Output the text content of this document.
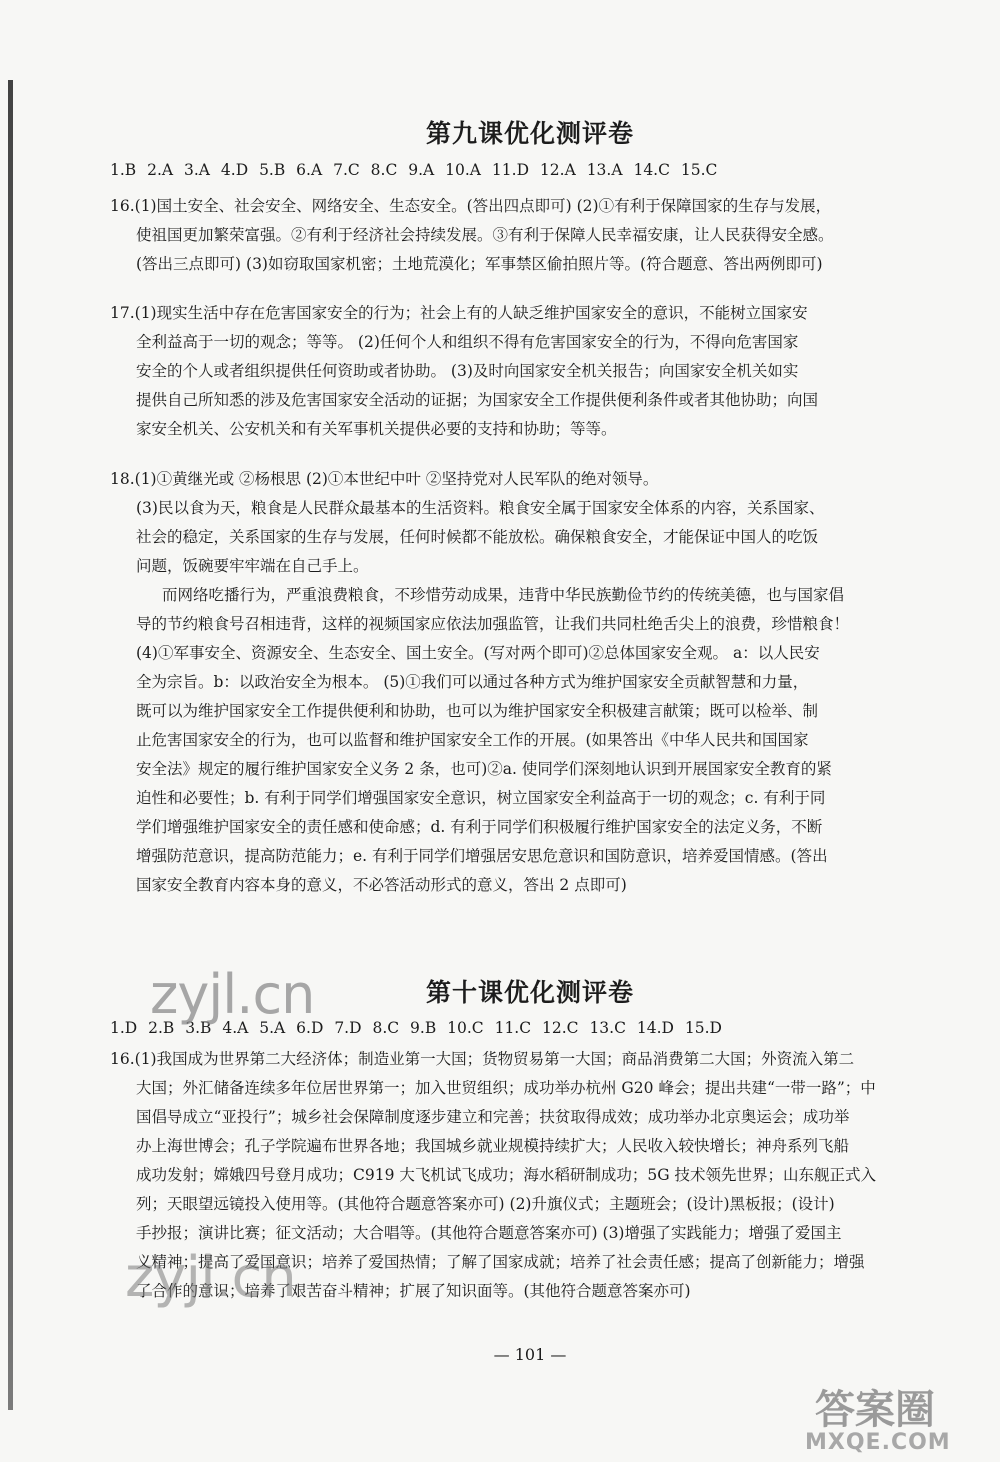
第九课优化测评卷
1.B 2.A 3.A 4.D 5.B 6.A 7.C 8.C 9.A 10.A 11.D 12.A 13.A 14.C 15.C
16.(1)国土安全、社会安全、网络安全、生态安全。(答出四点即可) (2)①有利于保障国家的生存与发展，
使祖国更加繁荣富强。②有利于经济社会持续发展。③有利于保障人民幸福安康，让人民获得安全感。
(答出三点即可) (3)如窃取国家机密；土地荒漠化；军事禁区偷拍照片等。(符合题意、答出两例即可)
17.(1)现实生活中存在危害国家安全的行为；社会上有的人缺乏维护国家安全的意识，不能树立国家安
全利益高于一切的观念；等等。 (2)任何个人和组织不得有危害国家安全的行为，不得向危害国家
安全的个人或者组织提供任何资助或者协助。 (3)及时向国家安全机关报告；向国家安全机关如实
提供自己所知悉的涉及危害国家安全活动的证据；为国家安全工作提供便利条件或者其他协助；向国
家安全机关、公安机关和有关军事机关提供必要的支持和协助；等等。
18.(1)①黄继光或 ②杨根思 (2)①本世纪中叶 ②坚持党对人民军队的绝对领导。
(3)民以食为天，粮食是人民群众最基本的生活资料。粮食安全属于国家安全体系的内容，关系国家、
社会的稳定，关系国家的生存与发展，任何时候都不能放松。确保粮食安全，才能保证中国人的吃饭
问题，饭碗要牢牢端在自己手上。
而网络吃播行为，严重浪费粮食，不珍惜劳动成果，违背中华民族勤俭节约的传统美德，也与国家倡
导的节约粮食号召相违背，这样的视频国家应依法加强监管，让我们共同杜绝舌尖上的浪费，珍惜粮食！
(4)①军事安全、资源安全、生态安全、国土安全。(写对两个即可)②总体国家安全观。 a：以人民安
全为宗旨。b：以政治安全为根本。 (5)①我们可以通过各种方式为维护国家安全贡献智慧和力量，
既可以为维护国家安全工作提供便利和协助，也可以为维护国家安全积极建言献策；既可以检举、制
止危害国家安全的行为，也可以监督和维护国家安全工作的开展。(如果答出《中华人民共和国国家
安全法》规定的履行维护国家安全义务 2 条，也可)②a. 使同学们深刻地认识到开展国家安全教育的紧
迫性和必要性；b. 有利于同学们增强国家安全意识，树立国家安全利益高于一切的观念；c. 有利于同
学们增强维护国家安全的责任感和使命感；d. 有利于同学们积极履行维护国家安全的法定义务，不断
增强防范意识，提高防范能力；e. 有利于同学们增强居安思危意识和国防意识，培养爱国情感。(答出
国家安全教育内容本身的意义，不必答活动形式的意义，答出 2 点即可)
第十课优化测评卷
1.D 2.B 3.B 4.A 5.A 6.D 7.D 8.C 9.B 10.C 11.C 12.C 13.C 14.D 15.D
16.(1)我国成为世界第二大经济体；制造业第一大国；货物贸易第一大国；商品消费第二大国；外资流入第二
大国；外汇储备连续多年位居世界第一；加入世贸组织；成功举办杭州 G20 峰会；提出共建“一带一路”；中
国倡导成立“亚投行”；城乡社会保障制度逐步建立和完善；扶贫取得成效；成功举办北京奥运会；成功举
办上海世博会；孔子学院遍布世界各地；我国城乡就业规模持续扩大；人民收入较快增长；神舟系列飞船
成功发射；嫦娥四号登月成功；C919 大飞机试飞成功；海水稻研制成功；5G 技术领先世界；山东舰正式入
列；天眼望远镜投入使用等。(其他符合题意答案亦可) (2)升旗仪式；主题班会；(设计)黑板报；(设计)
手抄报；演讲比赛；征文活动；大合唱等。(其他符合题意答案亦可) (3)增强了实践能力；增强了爱国主
义精神；提高了爱国意识；培养了爱国热情；了解了国家成就；培养了社会责任感；提高了创新能力；增强
了合作的意识；培养了艰苦奋斗精神；扩展了知识面等。(其他符合题意答案亦可)
— 101 —
zyjl.cn
zyjl.cn
答案圈
MXQE.COM
